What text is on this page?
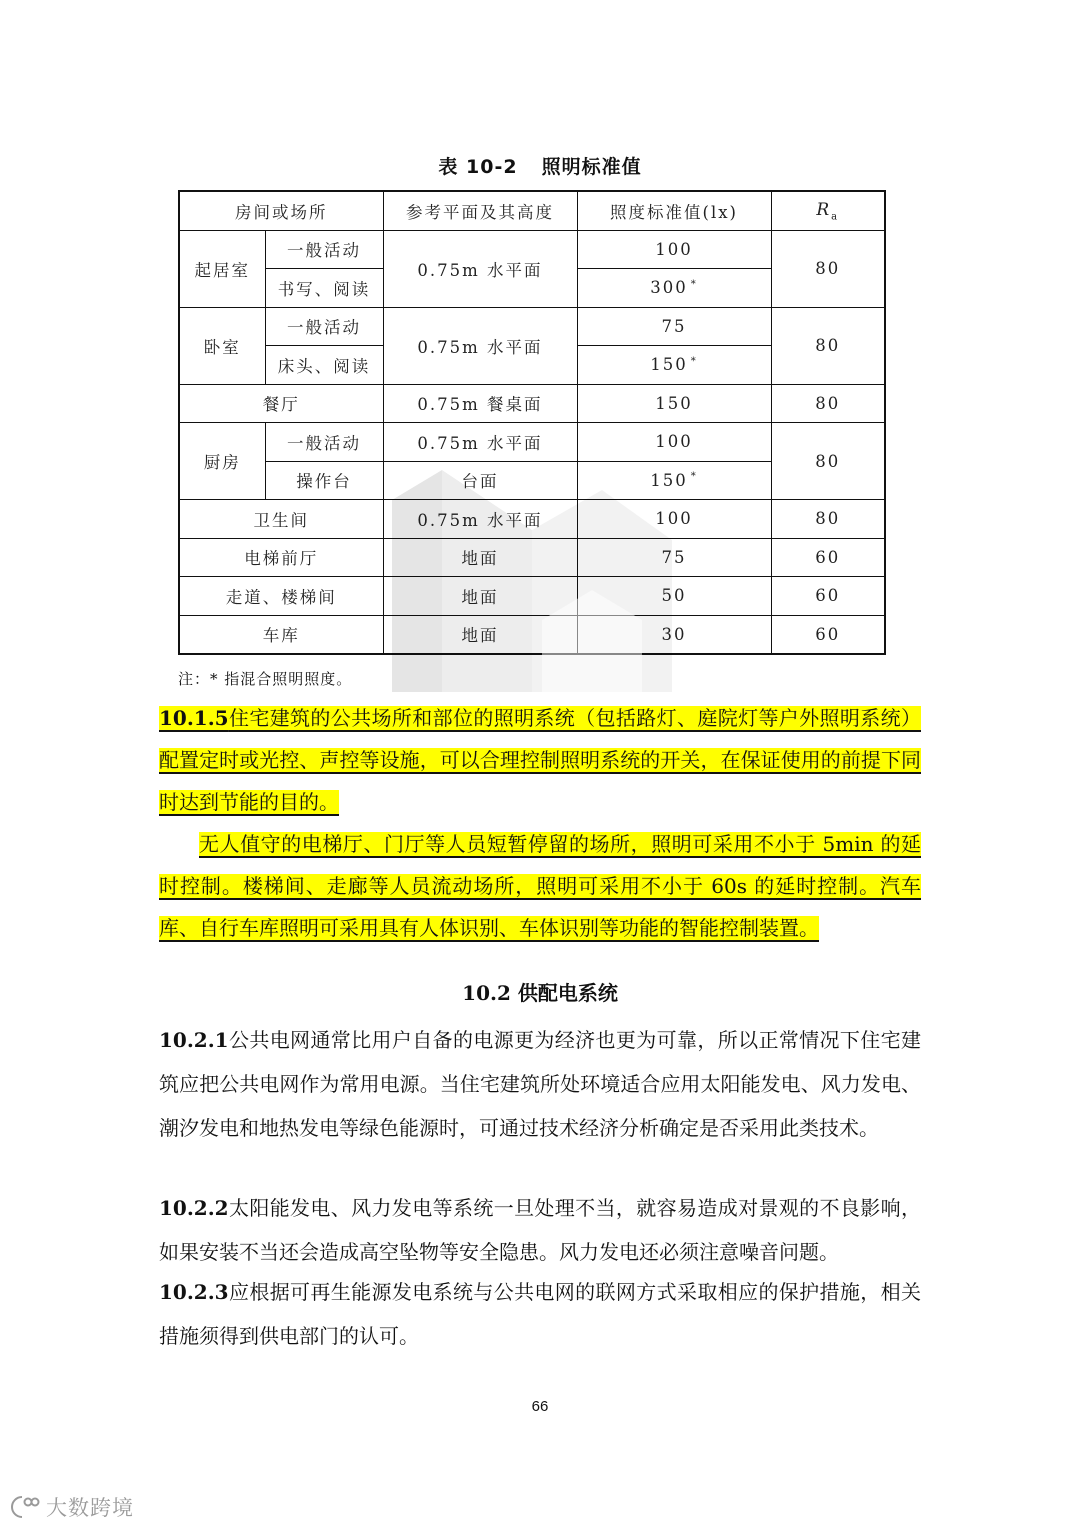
表 10-2 照明标准值
房间或场所		参考平面及其高度	照度标准值(lx)	$R_a$
起居室	一般活动	0.75m 水平面	100	80
	书写、阅读		300 *
卧室	一般活动	0.75m 水平面	75	80
	床头、阅读		150 *
餐厅		0.75m 餐桌面	150	80
厨房	一般活动	0.75m 水平面	100	80
	操作台	台面	150 *
卫生间		0.75m 水平面	100	80
电梯前厅		地面	75	60
走道、楼梯间		地面	50	60
车库		地面	30	60
注：* 指混合照明照度。
10.1.5住宅建筑的公共场所和部位的照明系统（包括路灯、庭院灯等户外照明系统）配置定时或光控、声控等设施，可以合理控制照明系统的开关，在保证使用的前提下同时达到节能的目的。
无人值守的电梯厅、门厅等人员短暂停留的场所，照明可采用不小于 5min 的延时控制。楼梯间、走廊等人员流动场所，照明可采用不小于 60s 的延时控制。汽车库、自行车库照明可采用具有人体识别、车体识别等功能的智能控制装置。
10.2 供配电系统
10.2.1公共电网通常比用户自备的电源更为经济也更为可靠，所以正常情况下住宅建筑应把公共电网作为常用电源。当住宅建筑所处环境适合应用太阳能发电、风力发电、潮汐发电和地热发电等绿色能源时，可通过技术经济分析确定是否采用此类技术。
10.2.2太阳能发电、风力发电等系统一旦处理不当，就容易造成对景观的不良影响，如果安装不当还会造成高空坠物等安全隐患。风力发电还必须注意噪音问题。
10.2.3应根据可再生能源发电系统与公共电网的联网方式采取相应的保护措施，相关措施须得到供电部门的认可。
66
大数跨境
